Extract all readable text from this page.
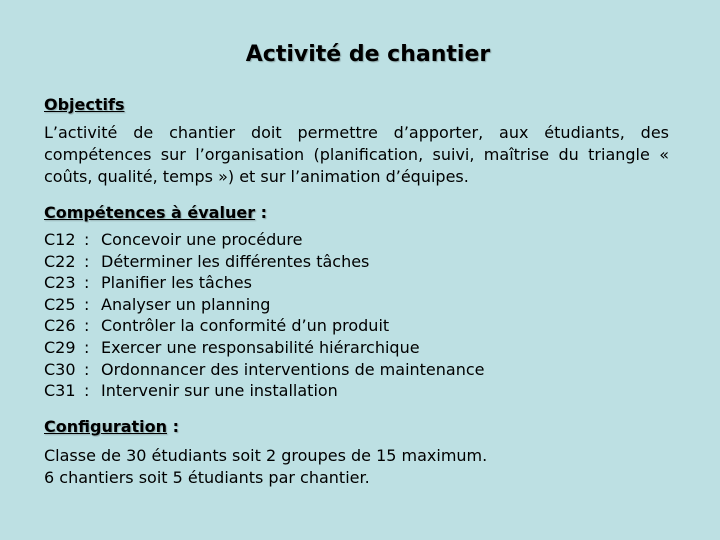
Activité de chantier
Objectifs
L’activité de chantier doit permettre d’apporter, aux étudiants, des compétences sur l’organisation (planification, suivi, maîtrise du triangle « coûts, qualité, temps ») et sur l’animation d’équipes.
Compétences à évaluer :
C12 : Concevoir une procédure
C22 : Déterminer les différentes tâches
C23 : Planifier les tâches
C25 : Analyser un planning
C26 : Contrôler la conformité d’un produit
C29 : Exercer une responsabilité hiérarchique
C30 : Ordonnancer des interventions de maintenance
C31 : Intervenir sur une installation
Configuration :
Classe de 30 étudiants soit 2 groupes de 15 maximum.
6 chantiers soit 5 étudiants par chantier.
